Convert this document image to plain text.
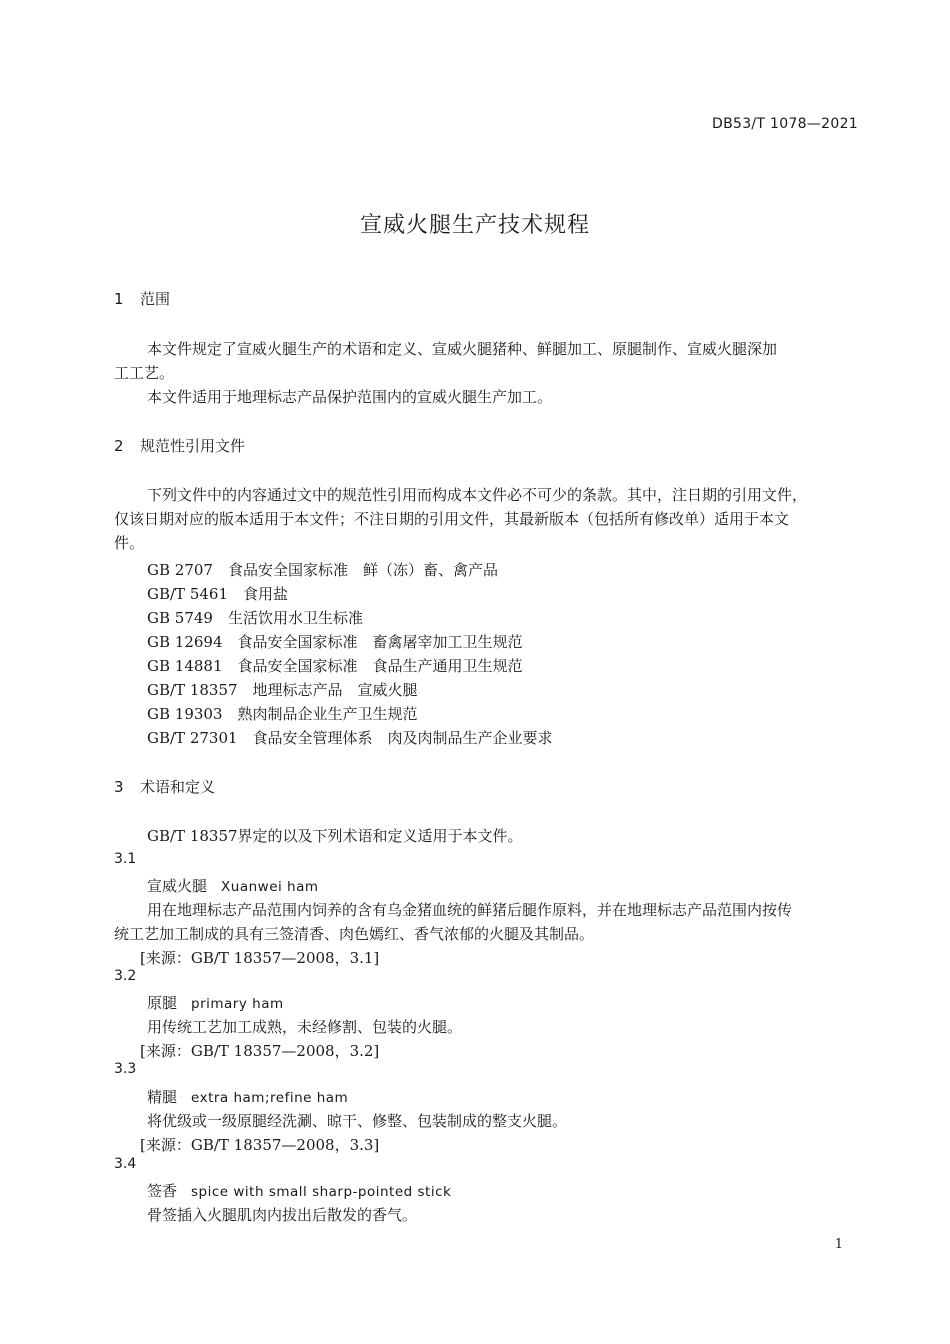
DB53/T 1078—2021
宣威火腿生产技术规程
1 范围
本文件规定了宣威火腿生产的术语和定义、宣威火腿猪种、鲜腿加工、原腿制作、宣威火腿深加
工工艺。
本文件适用于地理标志产品保护范围内的宣威火腿生产加工。
2 规范性引用文件
下列文件中的内容通过文中的规范性引用而构成本文件必不可少的条款。其中，注日期的引用文件，
仅该日期对应的版本适用于本文件；不注日期的引用文件，其最新版本（包括所有修改单）适用于本文
件。
GB 2707　食品安全国家标准　鲜（冻）畜、禽产品
GB/T 5461　食用盐
GB 5749　生活饮用水卫生标准
GB 12694　食品安全国家标准　畜禽屠宰加工卫生规范
GB 14881　食品安全国家标准　食品生产通用卫生规范
GB/T 18357　地理标志产品　宣威火腿
GB 19303　熟肉制品企业生产卫生规范
GB/T 27301　食品安全管理体系　肉及肉制品生产企业要求
3 术语和定义
GB/T 18357界定的以及下列术语和定义适用于本文件。
3.1
宣威火腿 Xuanwei ham
用在地理标志产品范围内饲养的含有乌金猪血统的鲜猪后腿作原料，并在地理标志产品范围内按传
统工艺加工制成的具有三签清香、肉色嫣红、香气浓郁的火腿及其制品。
[来源：GB/T 18357—2008，3.1]
3.2
原腿 primary ham
用传统工艺加工成熟，未经修割、包装的火腿。
[来源：GB/T 18357—2008，3.2]
3.3
精腿 extra ham;refine ham
将优级或一级原腿经洗涮、晾干、修整、包装制成的整支火腿。
[来源：GB/T 18357—2008，3.3]
3.4
签香 spice with small sharp-pointed stick
骨签插入火腿肌肉内拔出后散发的香气。
1
